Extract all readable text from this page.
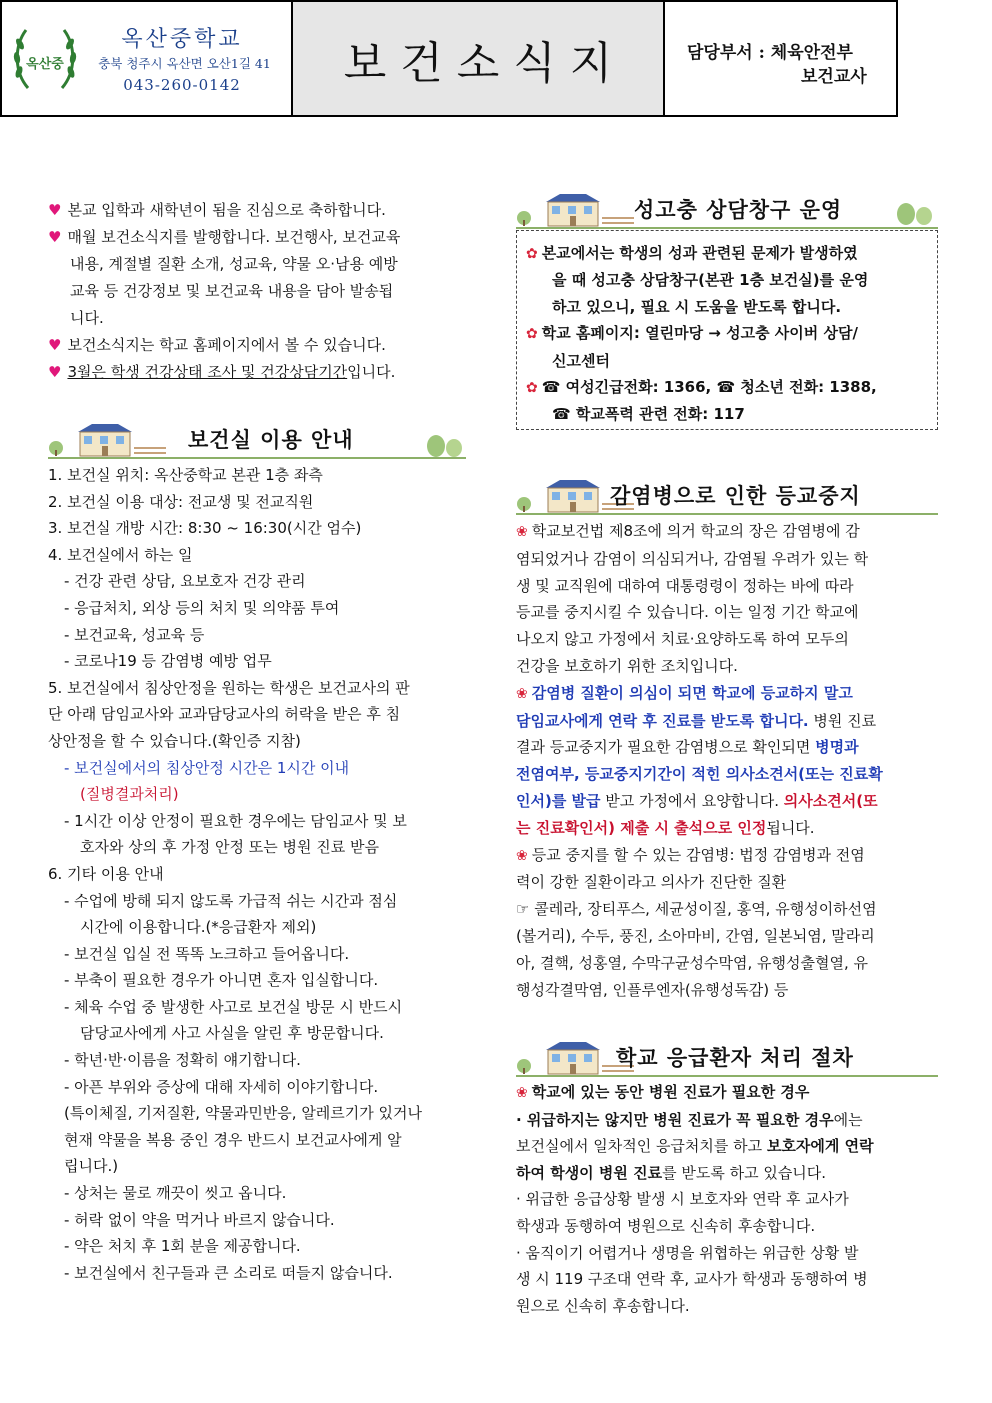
옥산중
옥산중학교
충북 청주시 옥산면 오산1길 41
043-260-0142	보건소식지	담당부서 : 체육안전부
보건교사
♥ 본교 입학과 새학년이 됨을 진심으로 축하합니다.
♥ 매월 보건소식지를 발행합니다. 보건행사, 보건교육
내용, 계절별 질환 소개, 성교육, 약물 오·남용 예방
교육 등 건강정보 및 보건교육 내용을 담아 발송됩
니다.
♥ 보건소식지는 학교 홈페이지에서 볼 수 있습니다.
♥ 3월은 학생 건강상태 조사 및 건강상담기간입니다.
보건실 이용 안내
성고충 상담창구 운영
감염병으로 인한 등교중지
학교 응급환자 처리 절차
1. 보건실 위치: 옥산중학교 본관 1층 좌측
2. 보건실 이용 대상: 전교생 및 전교직원
3. 보건실 개방 시간: 8:30 ~ 16:30(시간 엄수)
4. 보건실에서 하는 일
- 건강 관련 상담, 요보호자 건강 관리
- 응급처치, 외상 등의 처치 및 의약품 투여
- 보건교육, 성교육 등
- 코로나19 등 감염병 예방 업무
5. 보건실에서 침상안정을 원하는 학생은 보건교사의 판
단 아래 담임교사와 교과담당교사의 허락을 받은 후 침
상안정을 할 수 있습니다.(확인증 지참)
- 보건실에서의 침상안정 시간은 1시간 이내
(질병결과처리)
- 1시간 이상 안정이 필요한 경우에는 담임교사 및 보
호자와 상의 후 가정 안정 또는 병원 진료 받음
6. 기타 이용 안내
- 수업에 방해 되지 않도록 가급적 쉬는 시간과 점심
시간에 이용합니다.(*응급환자 제외)
- 보건실 입실 전 똑똑 노크하고 들어옵니다.
- 부축이 필요한 경우가 아니면 혼자 입실합니다.
- 체육 수업 중 발생한 사고로 보건실 방문 시 반드시
담당교사에게 사고 사실을 알린 후 방문합니다.
- 학년·반·이름을 정확히 얘기합니다.
- 아픈 부위와 증상에 대해 자세히 이야기합니다.
(특이체질, 기저질환, 약물과민반응, 알레르기가 있거나
현재 약물을 복용 중인 경우 반드시 보건교사에게 알
립니다.)
- 상처는 물로 깨끗이 씻고 옵니다.
- 허락 없이 약을 먹거나 바르지 않습니다.
- 약은 처치 후 1회 분을 제공합니다.
- 보건실에서 친구들과 큰 소리로 떠들지 않습니다.
✿ 본교에서는 학생의 성과 관련된 문제가 발생하였
을 때 성고충 상담창구(본관 1층 보건실)를 운영
하고 있으니, 필요 시 도움을 받도록 합니다.
✿ 학교 홈페이지: 열린마당 → 성고충 사이버 상담/
신고센터
✿ ☎ 여성긴급전화: 1366, ☎ 청소년 전화: 1388,
☎ 학교폭력 관련 전화: 117
❀ 학교보건법 제8조에 의거 학교의 장은 감염병에 감
염되었거나 감염이 의심되거나, 감염될 우려가 있는 학
생 및 교직원에 대하여 대통령령이 정하는 바에 따라
등교를 중지시킬 수 있습니다. 이는 일정 기간 학교에
나오지 않고 가정에서 치료·요양하도록 하여 모두의
건강을 보호하기 위한 조치입니다.
❀ 감염병 질환이 의심이 되면 학교에 등교하지 말고
담임교사에게 연락 후 진료를 받도록 합니다. 병원 진료
결과 등교중지가 필요한 감염병으로 확인되면 병명과
전염여부, 등교중지기간이 적힌 의사소견서(또는 진료확
인서)를 발급 받고 가정에서 요양합니다. 의사소견서(또
는 진료확인서) 제출 시 출석으로 인정됩니다.
❀ 등교 중지를 할 수 있는 감염병: 법정 감염병과 전염
력이 강한 질환이라고 의사가 진단한 질환
☞ 콜레라, 장티푸스, 세균성이질, 홍역, 유행성이하선염
(볼거리), 수두, 풍진, 소아마비, 간염, 일본뇌염, 말라리
아, 결핵, 성홍열, 수막구균성수막염, 유행성출혈열, 유
행성각결막염, 인플루엔자(유행성독감) 등
❀ 학교에 있는 동안 병원 진료가 필요한 경우
· 위급하지는 않지만 병원 진료가 꼭 필요한 경우에는
보건실에서 일차적인 응급처치를 하고 보호자에게 연락
하여 학생이 병원 진료를 받도록 하고 있습니다.
· 위급한 응급상황 발생 시 보호자와 연락 후 교사가
학생과 동행하여 병원으로 신속히 후송합니다.
· 움직이기 어렵거나 생명을 위협하는 위급한 상황 발
생 시 119 구조대 연락 후, 교사가 학생과 동행하여 병
원으로 신속히 후송합니다.
